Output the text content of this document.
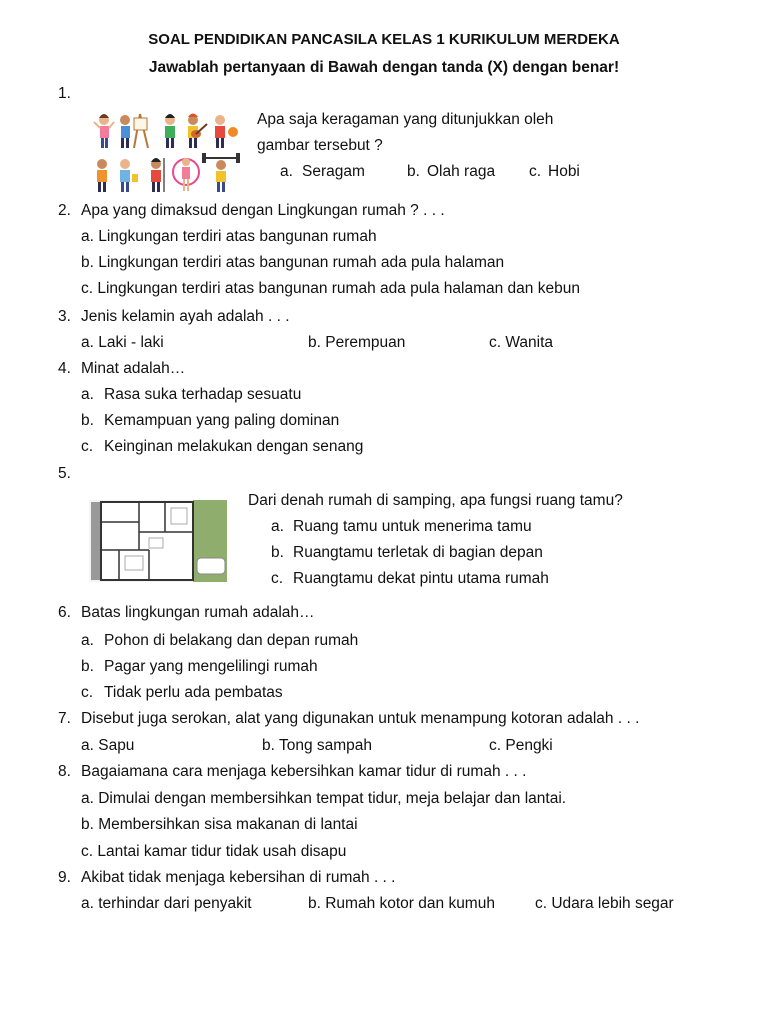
SOAL PENDIDIKAN PANCASILA KELAS 1 KURIKULUM MERDEKA
Jawablah pertanyaan di Bawah dengan tanda (X) dengan benar!
1.
Apa saja keragaman yang ditunjukkan oleh
gambar tersebut ?
a. Seragam	b. Olah raga c. Hobi
2. Apa yang dimaksud dengan Lingkungan rumah ? . . .
a. Lingkungan terdiri atas bangunan rumah
b. Lingkungan terdiri atas bangunan rumah ada pula halaman
c. Lingkungan terdiri atas bangunan rumah ada pula halaman dan kebun
3. Jenis kelamin ayah adalah . . .
a. Laki - laki	b. Perempuan	c. Wanita
4. Minat adalah…
a. Rasa suka terhadap sesuatu
b. Kemampuan yang paling dominan
c. Keinginan melakukan dengan senang
5.
Dari denah rumah di samping, apa fungsi ruang tamu?
a. Ruang tamu untuk menerima tamu
b. Ruangtamu terletak di bagian depan
c. Ruangtamu dekat pintu utama rumah
6. Batas lingkungan rumah adalah…
a. Pohon di belakang dan depan rumah
b. Pagar yang mengelilingi rumah
c. Tidak perlu ada pembatas
7. Disebut juga serokan, alat yang digunakan untuk menampung kotoran adalah . . .
a. Sapu	b. Tong sampah	c. Pengki
8. Bagaiamana cara menjaga kebersihkan kamar tidur di rumah . . .
a. Dimulai dengan membersihkan tempat tidur, meja belajar dan lantai.
b. Membersihkan sisa makanan di lantai
c. Lantai kamar tidur tidak usah disapu
9. Akibat tidak menjaga kebersihan di rumah . . .
a. terhindar dari penyakit	b. Rumah kotor dan kumuh	c. Udara lebih segar
